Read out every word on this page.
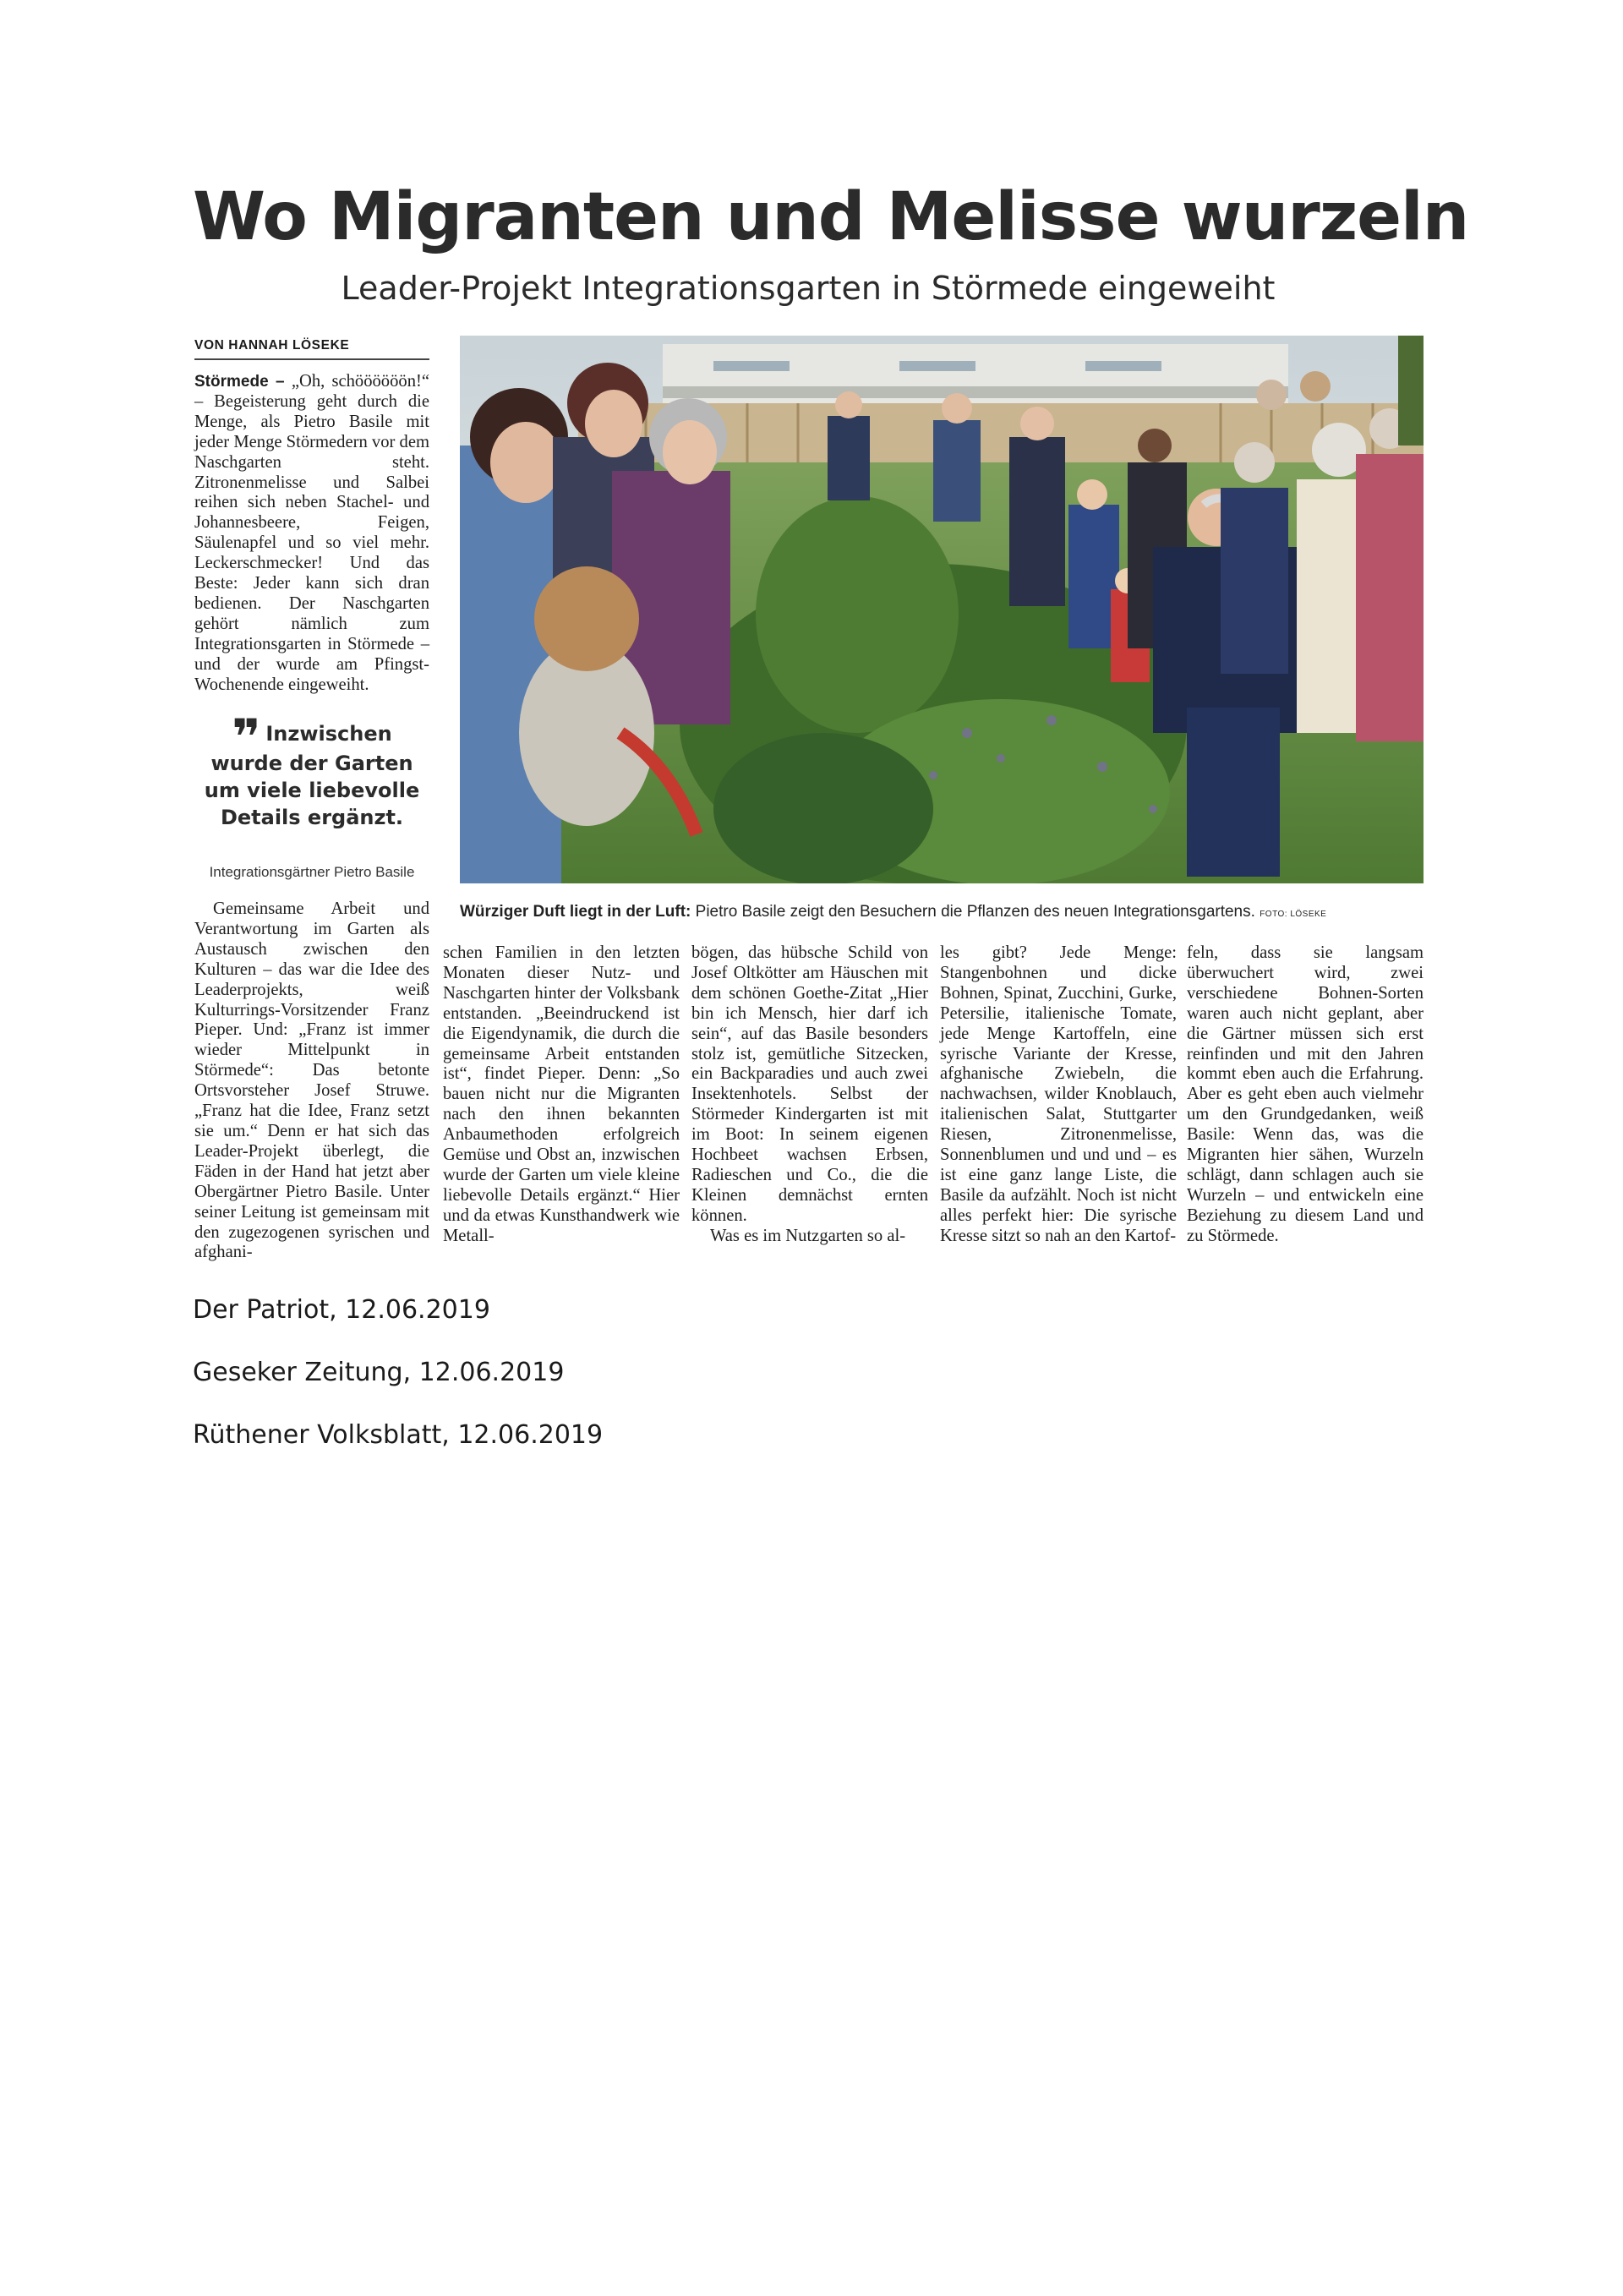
Wo Migranten und Melisse wurzeln
Leader-Projekt Integrationsgarten in Störmede eingeweiht
VON HANNAH LÖSEKE

Störmede – „Oh, schöööööön!“ – Begeisterung geht durch die Menge, als Pietro Basile mit jeder Menge Störmedern vor dem Naschgarten steht. Zitronenmelisse und Salbei reihen sich neben Stachel- und Johannesbeere, Feigen, Säulenapfel und so viel mehr. Leckerschmecker! Und das Beste: Jeder kann sich dran bedienen. Der Naschgarten gehört nämlich zum Integrationsgarten in Störmede – und der wurde am Pfingst-Wochenende eingeweiht.

❞ Inzwischen wurde der Garten um viele liebevolle Details ergänzt.
Integrationsgärtner Pietro Basile
Würziger Duft liegt in der Luft: Pietro Basile zeigt den Besuchern die Pflanzen des neuen Integrationsgartens. FOTO: LÖSEKE

Gemeinsame Arbeit und Verantwortung im Garten als Austausch zwischen den Kulturen – das war die Idee des Leaderprojekts, weiß Kulturrings-Vorsitzender Franz Pieper. Und: „Franz ist immer wieder Mittelpunkt in Störmede“: Das betonte Ortsvorsteher Josef Struwe. „Franz hat die Idee, Franz setzt sie um.“ Denn er hat sich das Leader-Projekt überlegt, die Fäden in der Hand hat jetzt aber Obergärtner Pietro Basile. Unter seiner Leitung ist gemeinsam mit den zugezogenen syrischen und afghani-

schen Familien in den letzten Monaten dieser Nutz- und Naschgarten hinter der Volksbank entstanden. „Beeindruckend ist die Eigendynamik, die durch die gemeinsame Arbeit entstanden ist“, findet Pieper. Denn: „So bauen nicht nur die Migranten nach den ihnen bekannten Anbaumethoden erfolgreich Gemüse und Obst an, inzwischen wurde der Garten um viele kleine liebevolle Details ergänzt.“ Hier und da etwas Kunsthandwerk wie Metall-

bögen, das hübsche Schild von Josef Oltkötter am Häuschen mit dem schönen Goethe-Zitat „Hier bin ich Mensch, hier darf ich sein“, auf das Basile besonders stolz ist, gemütliche Sitzecken, ein Backparadies und auch zwei Insektenhotels. Selbst der Störmeder Kindergarten ist mit im Boot: In seinem eigenen Hochbeet wachsen Erbsen, Radieschen und Co., die die Kleinen demnächst ernten können.

Was es im Nutzgarten so al-

les gibt? Jede Menge: Stangenbohnen und dicke Bohnen, Spinat, Zucchini, Gurke, Petersilie, italienische Tomate, jede Menge Kartoffeln, eine syrische Variante der Kresse, afghanische Zwiebeln, die nachwachsen, wilder Knoblauch, italienischen Salat, Stuttgarter Riesen, Zitronenmelisse, Sonnenblumen und und und – es ist eine ganz lange Liste, die Basile da aufzählt. Noch ist nicht alles perfekt hier: Die syrische Kresse sitzt so nah an den Kartof-

feln, dass sie langsam überwuchert wird, zwei verschiedene Bohnen-Sorten waren auch nicht geplant, aber die Gärtner müssen sich erst reinfinden und mit den Jahren kommt eben auch die Erfahrung. Aber es geht eben auch vielmehr um den Grundgedanken, weiß Basile: Wenn das, was die Migranten hier sähen, Wurzeln schlägt, dann schlagen auch sie Wurzeln – und entwickeln eine Beziehung zu diesem Land und zu Störmede.

Der Patriot, 12.06.2019
Geseker Zeitung, 12.06.2019
Rüthener Volksblatt, 12.06.2019
